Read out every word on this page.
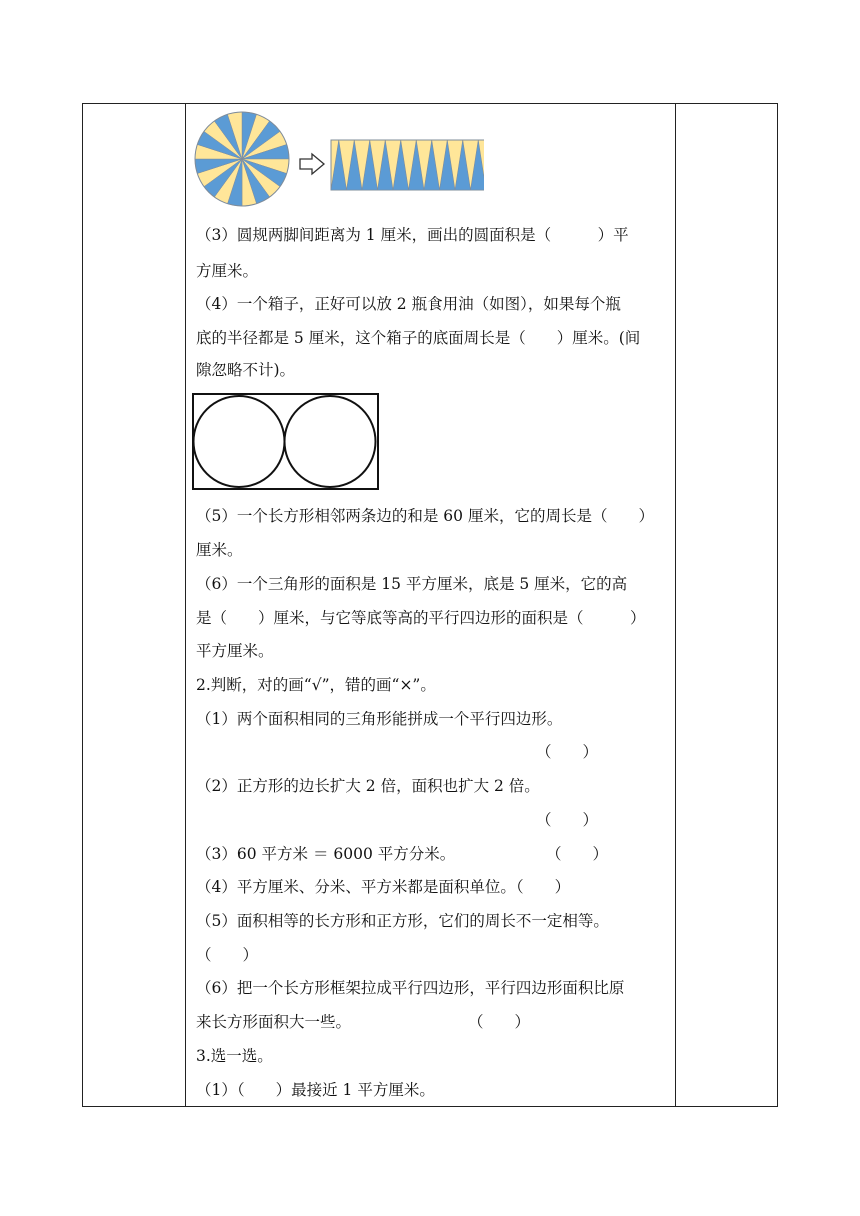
（3）圆规两脚间距离为 1 厘米，画出的圆面积是（　　　）平
方厘米。
（4）一个箱子，正好可以放 2 瓶食用油（如图），如果每个瓶
底的半径都是 5 厘米，这个箱子的底面周长是（　　）厘米。(间
隙忽略不计)。
（5）一个长方形相邻两条边的和是 60 厘米，它的周长是（　　）
厘米。
（6）一个三角形的面积是 15 平方厘米，底是 5 厘米，它的高
是（　　）厘米，与它等底等高的平行四边形的面积是（　　　）
平方厘米。
2.判断，对的画“√”，错的画“×”。
（1）两个面积相同的三角形能拼成一个平行四边形。
（　　）
（2）正方形的边长扩大 2 倍，面积也扩大 2 倍。
（　　）
（3）60 平方米 ＝ 6000 平方分米。	（　　）
（4）平方厘米、分米、平方米都是面积单位。（　　）
（5）面积相等的长方形和正方形，它们的周长不一定相等。
（　　）
（6）把一个长方形框架拉成平行四边形，平行四边形面积比原
来长方形面积大一些。	（　　）
3.选一选。
（1）（　　）最接近 1 平方厘米。
